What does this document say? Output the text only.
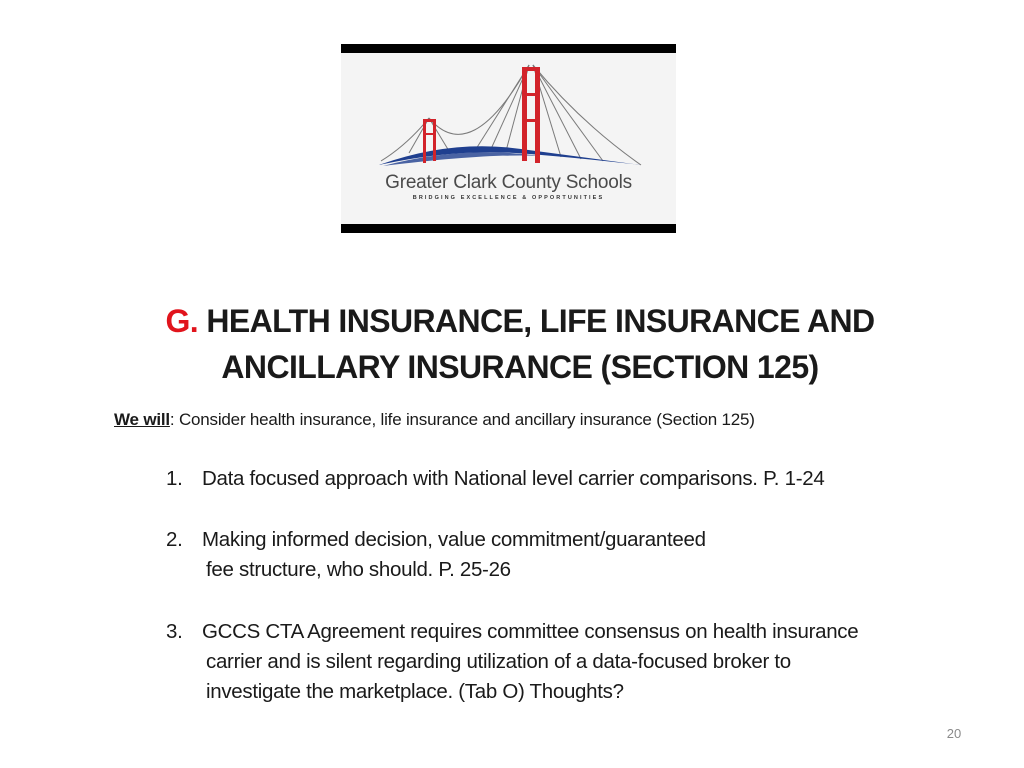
Greater Clark County Schools
BRIDGING EXCELLENCE & OPPORTUNITIES
G. HEALTH INSURANCE, LIFE INSURANCE AND
ANCILLARY INSURANCE (SECTION 125)
We will: Consider health insurance, life insurance and ancillary insurance (Section 125)
1. Data focused approach with National level carrier comparisons. P. 1-24
2. Making informed decision, value commitment/guaranteed
fee structure, who should. P. 25-26
3. GCCS CTA Agreement requires committee consensus on health insurance
carrier and is silent regarding utilization of a data-focused broker to
investigate the marketplace. (Tab O) Thoughts?
20
